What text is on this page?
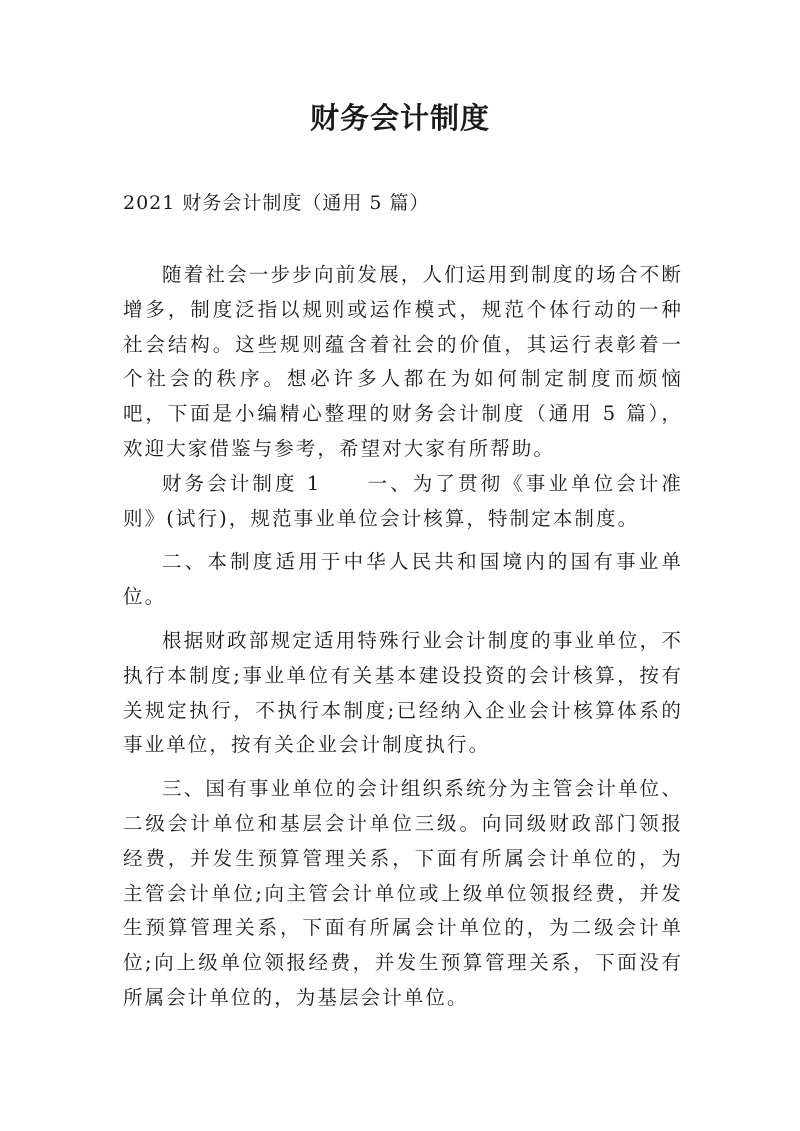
财务会计制度

2021 财务会计制度（通用 5 篇）

随着社会一步步向前发展，人们运用到制度的场合不断增多，制度泛指以规则或运作模式，规范个体行动的一种社会结构。这些规则蕴含着社会的价值，其运行表彰着一个社会的秩序。想必许多人都在为如何制定制度而烦恼吧，下面是小编精心整理的财务会计制度（通用 5 篇），欢迎大家借鉴与参考，希望对大家有所帮助。

财务会计制度 1　　一、为了贯彻《事业单位会计准则》(试行)，规范事业单位会计核算，特制定本制度。

二、本制度适用于中华人民共和国境内的国有事业单位。

根据财政部规定适用特殊行业会计制度的事业单位，不执行本制度;事业单位有关基本建设投资的会计核算，按有关规定执行，不执行本制度;已经纳入企业会计核算体系的事业单位，按有关企业会计制度执行。

三、国有事业单位的会计组织系统分为主管会计单位、二级会计单位和基层会计单位三级。向同级财政部门领报经费，并发生预算管理关系，下面有所属会计单位的，为主管会计单位;向主管会计单位或上级单位领报经费，并发生预算管理关系，下面有所属会计单位的，为二级会计单位;向上级单位领报经费，并发生预算管理关系，下面没有所属会计单位的，为基层会计单位。
